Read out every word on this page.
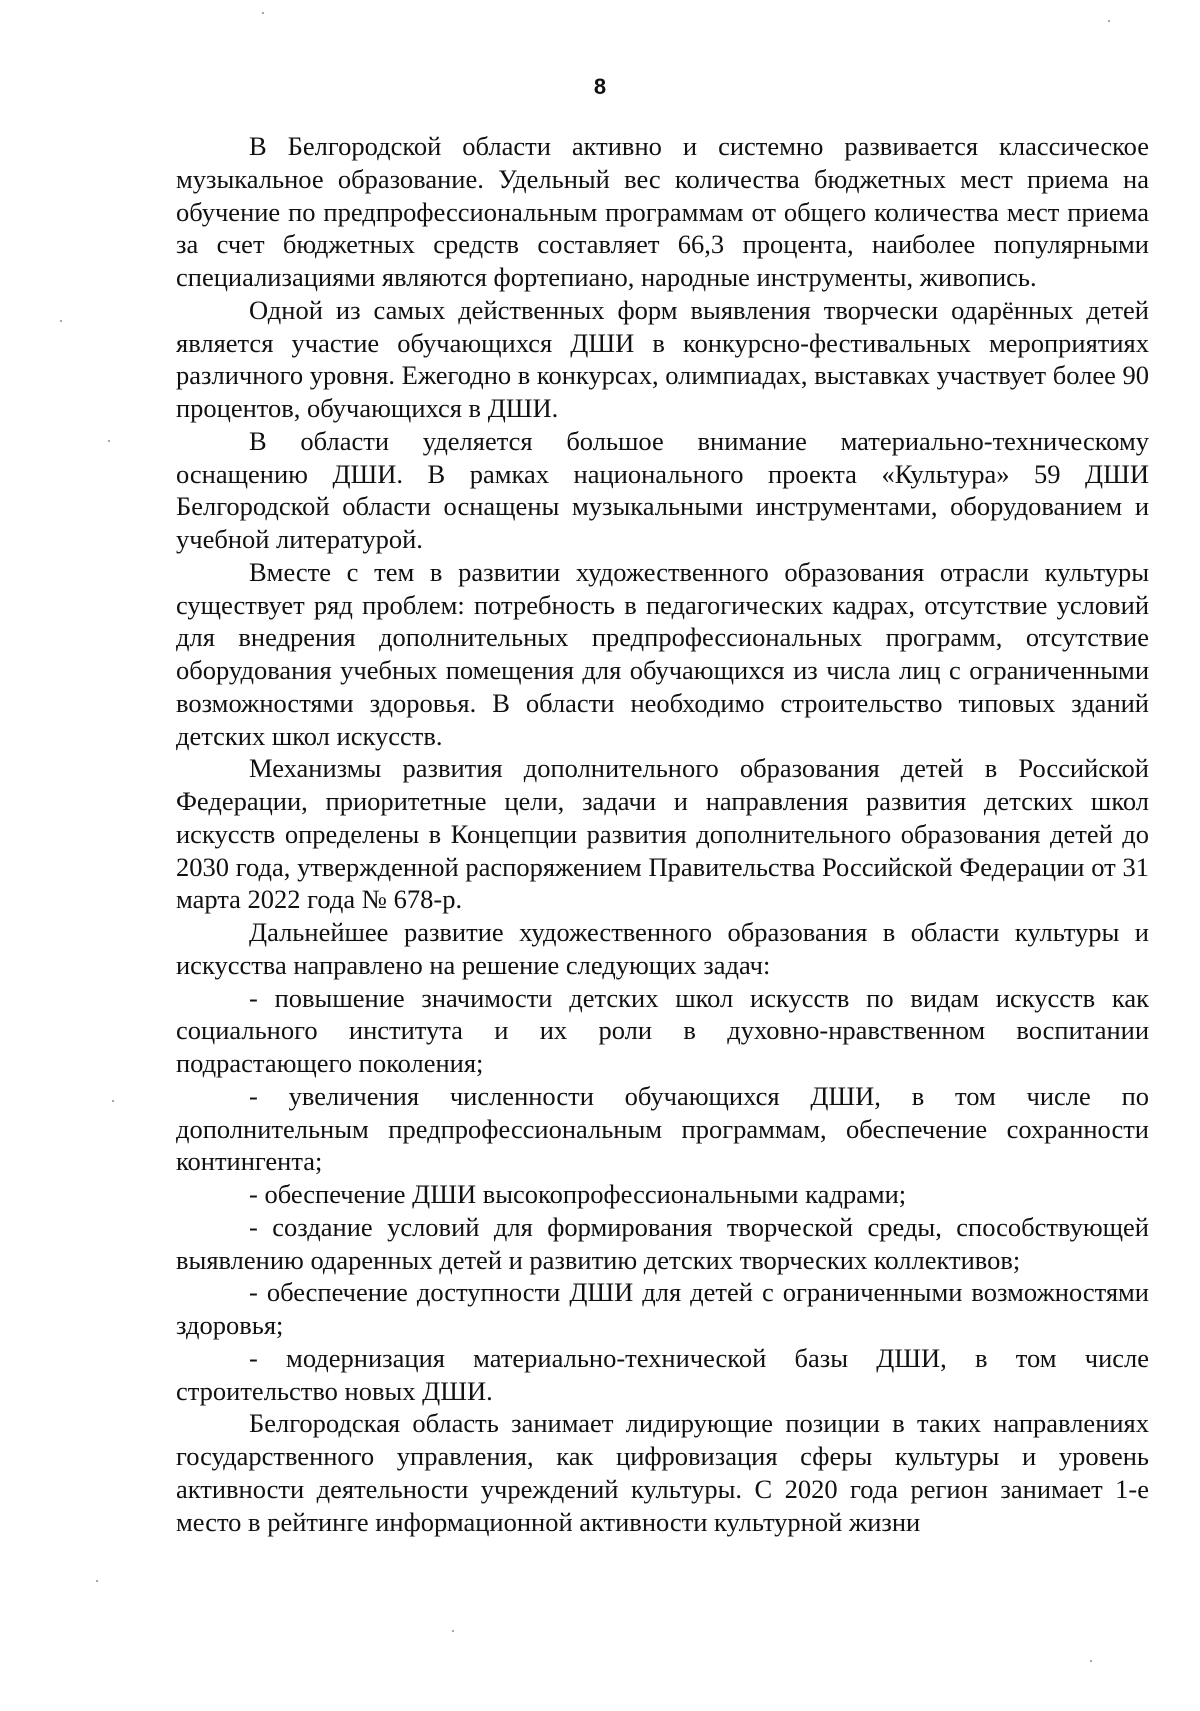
8

В Белгородской области активно и системно развивается классическое музыкальное образование. Удельный вес количества бюджетных мест приема на обучение по предпрофессиональным программам от общего количества мест приема за счет бюджетных средств составляет 66,3 процента, наиболее популярными специализациями являются фортепиано, народные инструменты, живопись.

Одной из самых действенных форм выявления творчески одарённых детей является участие обучающихся ДШИ в конкурсно-фестивальных мероприятиях различного уровня. Ежегодно в конкурсах, олимпиадах, выставках участвует более 90 процентов, обучающихся в ДШИ.

В области уделяется большое внимание материально-техническому оснащению ДШИ. В рамках национального проекта «Культура» 59 ДШИ Белгородской области оснащены музыкальными инструментами, оборудованием и учебной литературой.

Вместе с тем в развитии художественного образования отрасли культуры существует ряд проблем: потребность в педагогических кадрах, отсутствие условий для внедрения дополнительных предпрофессиональных программ, отсутствие оборудования учебных помещения для обучающихся из числа лиц с ограниченными возможностями здоровья. В области необходимо строительство типовых зданий детских школ искусств.

Механизмы развития дополнительного образования детей в Российской Федерации, приоритетные цели, задачи и направления развития детских школ искусств определены в Концепции развития дополнительного образования детей до 2030 года, утвержденной распоряжением Правительства Российской Федерации от 31 марта 2022 года № 678-р.

Дальнейшее развитие художественного образования в области культуры и искусства направлено на решение следующих задач:

- повышение значимости детских школ искусств по видам искусств как социального института и их роли в духовно-нравственном воспитании подрастающего поколения;

- увеличения численности обучающихся ДШИ, в том числе по дополнительным предпрофессиональным программам, обеспечение сохранности контингента;

- обеспечение ДШИ высокопрофессиональными кадрами;

- создание условий для формирования творческой среды, способствующей выявлению одаренных детей и развитию детских творческих коллективов;

- обеспечение доступности ДШИ для детей с ограниченными возможностями здоровья;

- модернизация материально-технической базы ДШИ, в том числе строительство новых ДШИ.

Белгородская область занимает лидирующие позиции в таких направлениях государственного управления, как цифровизация сферы культуры и уровень активности деятельности учреждений культуры. С 2020 года регион занимает 1-е место в рейтинге информационной активности культурной жизни
